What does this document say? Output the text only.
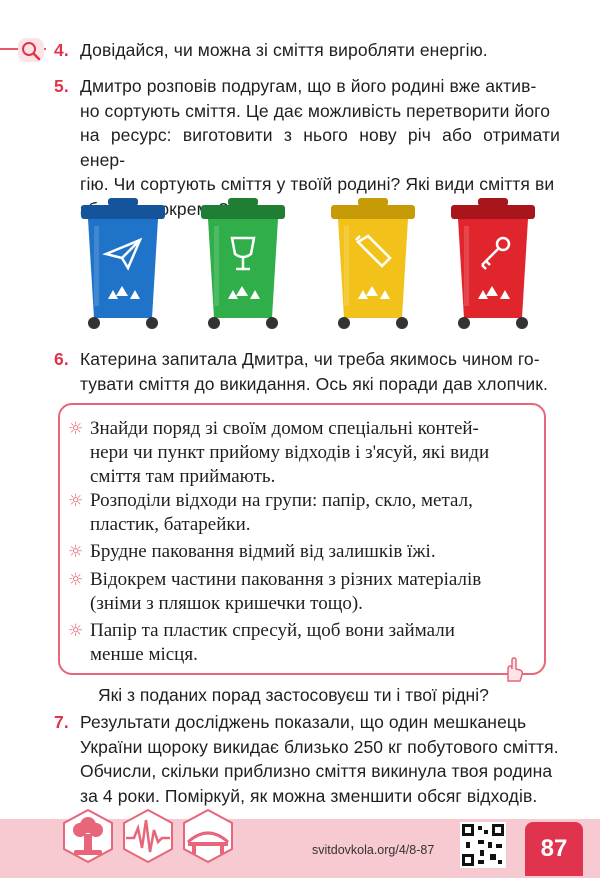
4. Довідайся, чи можна зі сміття виробляти енергію.
5. Дмитро розповів подругам, що в його родині вже актив-
но сортують сміття. Це дає можливість перетворити його
на ресурс: виготовити з нього нову річ або отримати енер-
гію. Чи сортують сміття у твоїй родині? Які види сміття ви
окремо?
6. Катерина запитала Дмитра, чи треба якимось чином го-
тувати сміття до викидання. Ось які поради дав хлопчик.
☼ Знайди поряд зі своїм домом спеціальні контей-
нери чи пункт прийому відходів і з'ясуй, які види
сміття там приймають.
☼ Розподіли відходи на групи: папір, скло, метал,
пластик, батарейки.
☼ Брудне паковання відмий від залишків їжі.
☼ Відокрем частини паковання з різних матеріалів
(зніми з пляшок кришечки тощо).
☼ Папір та пластик спресуй, щоб вони займали
менше місця.
Які з поданих порад застосовуєш ти і твої рідні?
7. Результати досліджень показали, що один мешканець
України щороку викидає близько 250 кг побутового сміття.
Обчисли, скільки приблизно сміття викинула твоя родина
за 4 роки. Поміркуй, як можна зменшити обсяг відходів.
svitdovkola.org/4/8-87	87
